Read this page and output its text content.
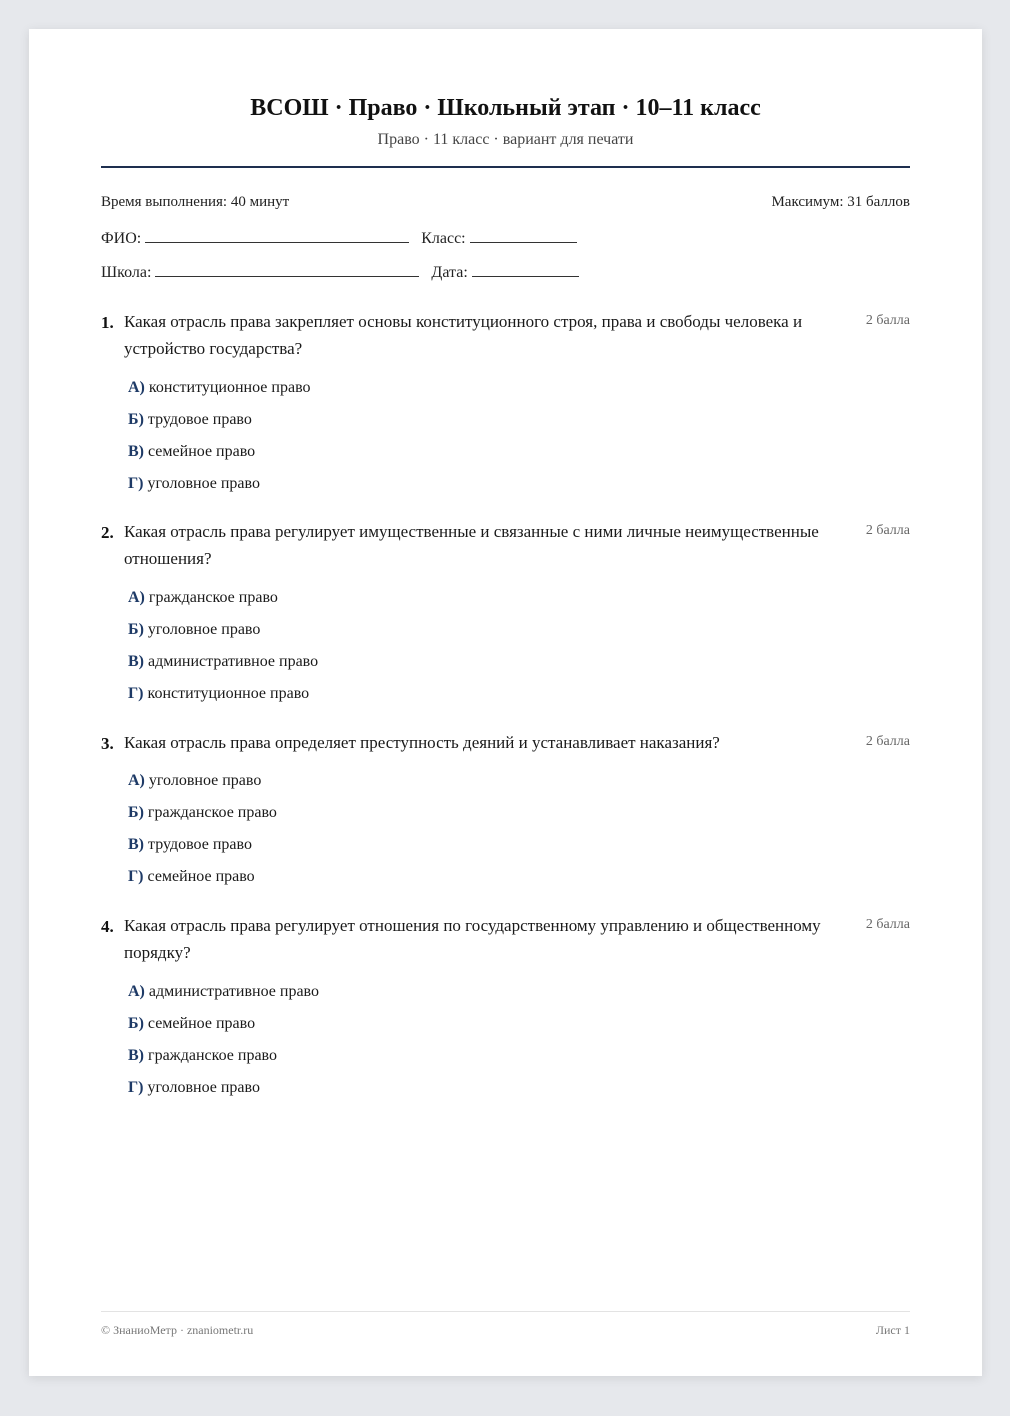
ВСОШ · Право · Школьный этап · 10–11 класс
Право · 11 класс · вариант для печати
Время выполнения: 40 минут	Максимум: 31 баллов
ФИО:	Класс:
Школа:	Дата:
1. Какая отрасль права закрепляет основы конституционного строя, права и свободы человека и устройство государства?
2 балла
А) конституционное право
Б) трудовое право
В) семейное право
Г) уголовное право
2. Какая отрасль права регулирует имущественные и связанные с ними личные неимущественные отношения?
2 балла
А) гражданское право
Б) уголовное право
В) административное право
Г) конституционное право
3. Какая отрасль права определяет преступность деяний и устанавливает наказания?	2 балла
А) уголовное право
Б) гражданское право
В) трудовое право
Г) семейное право
4. Какая отрасль права регулирует отношения по государственному управлению и общественному порядку?
2 балла
А) административное право
Б) семейное право
В) гражданское право
Г) уголовное право
© ЗнаниоМетр · znaniometr.ru	Лист 1
